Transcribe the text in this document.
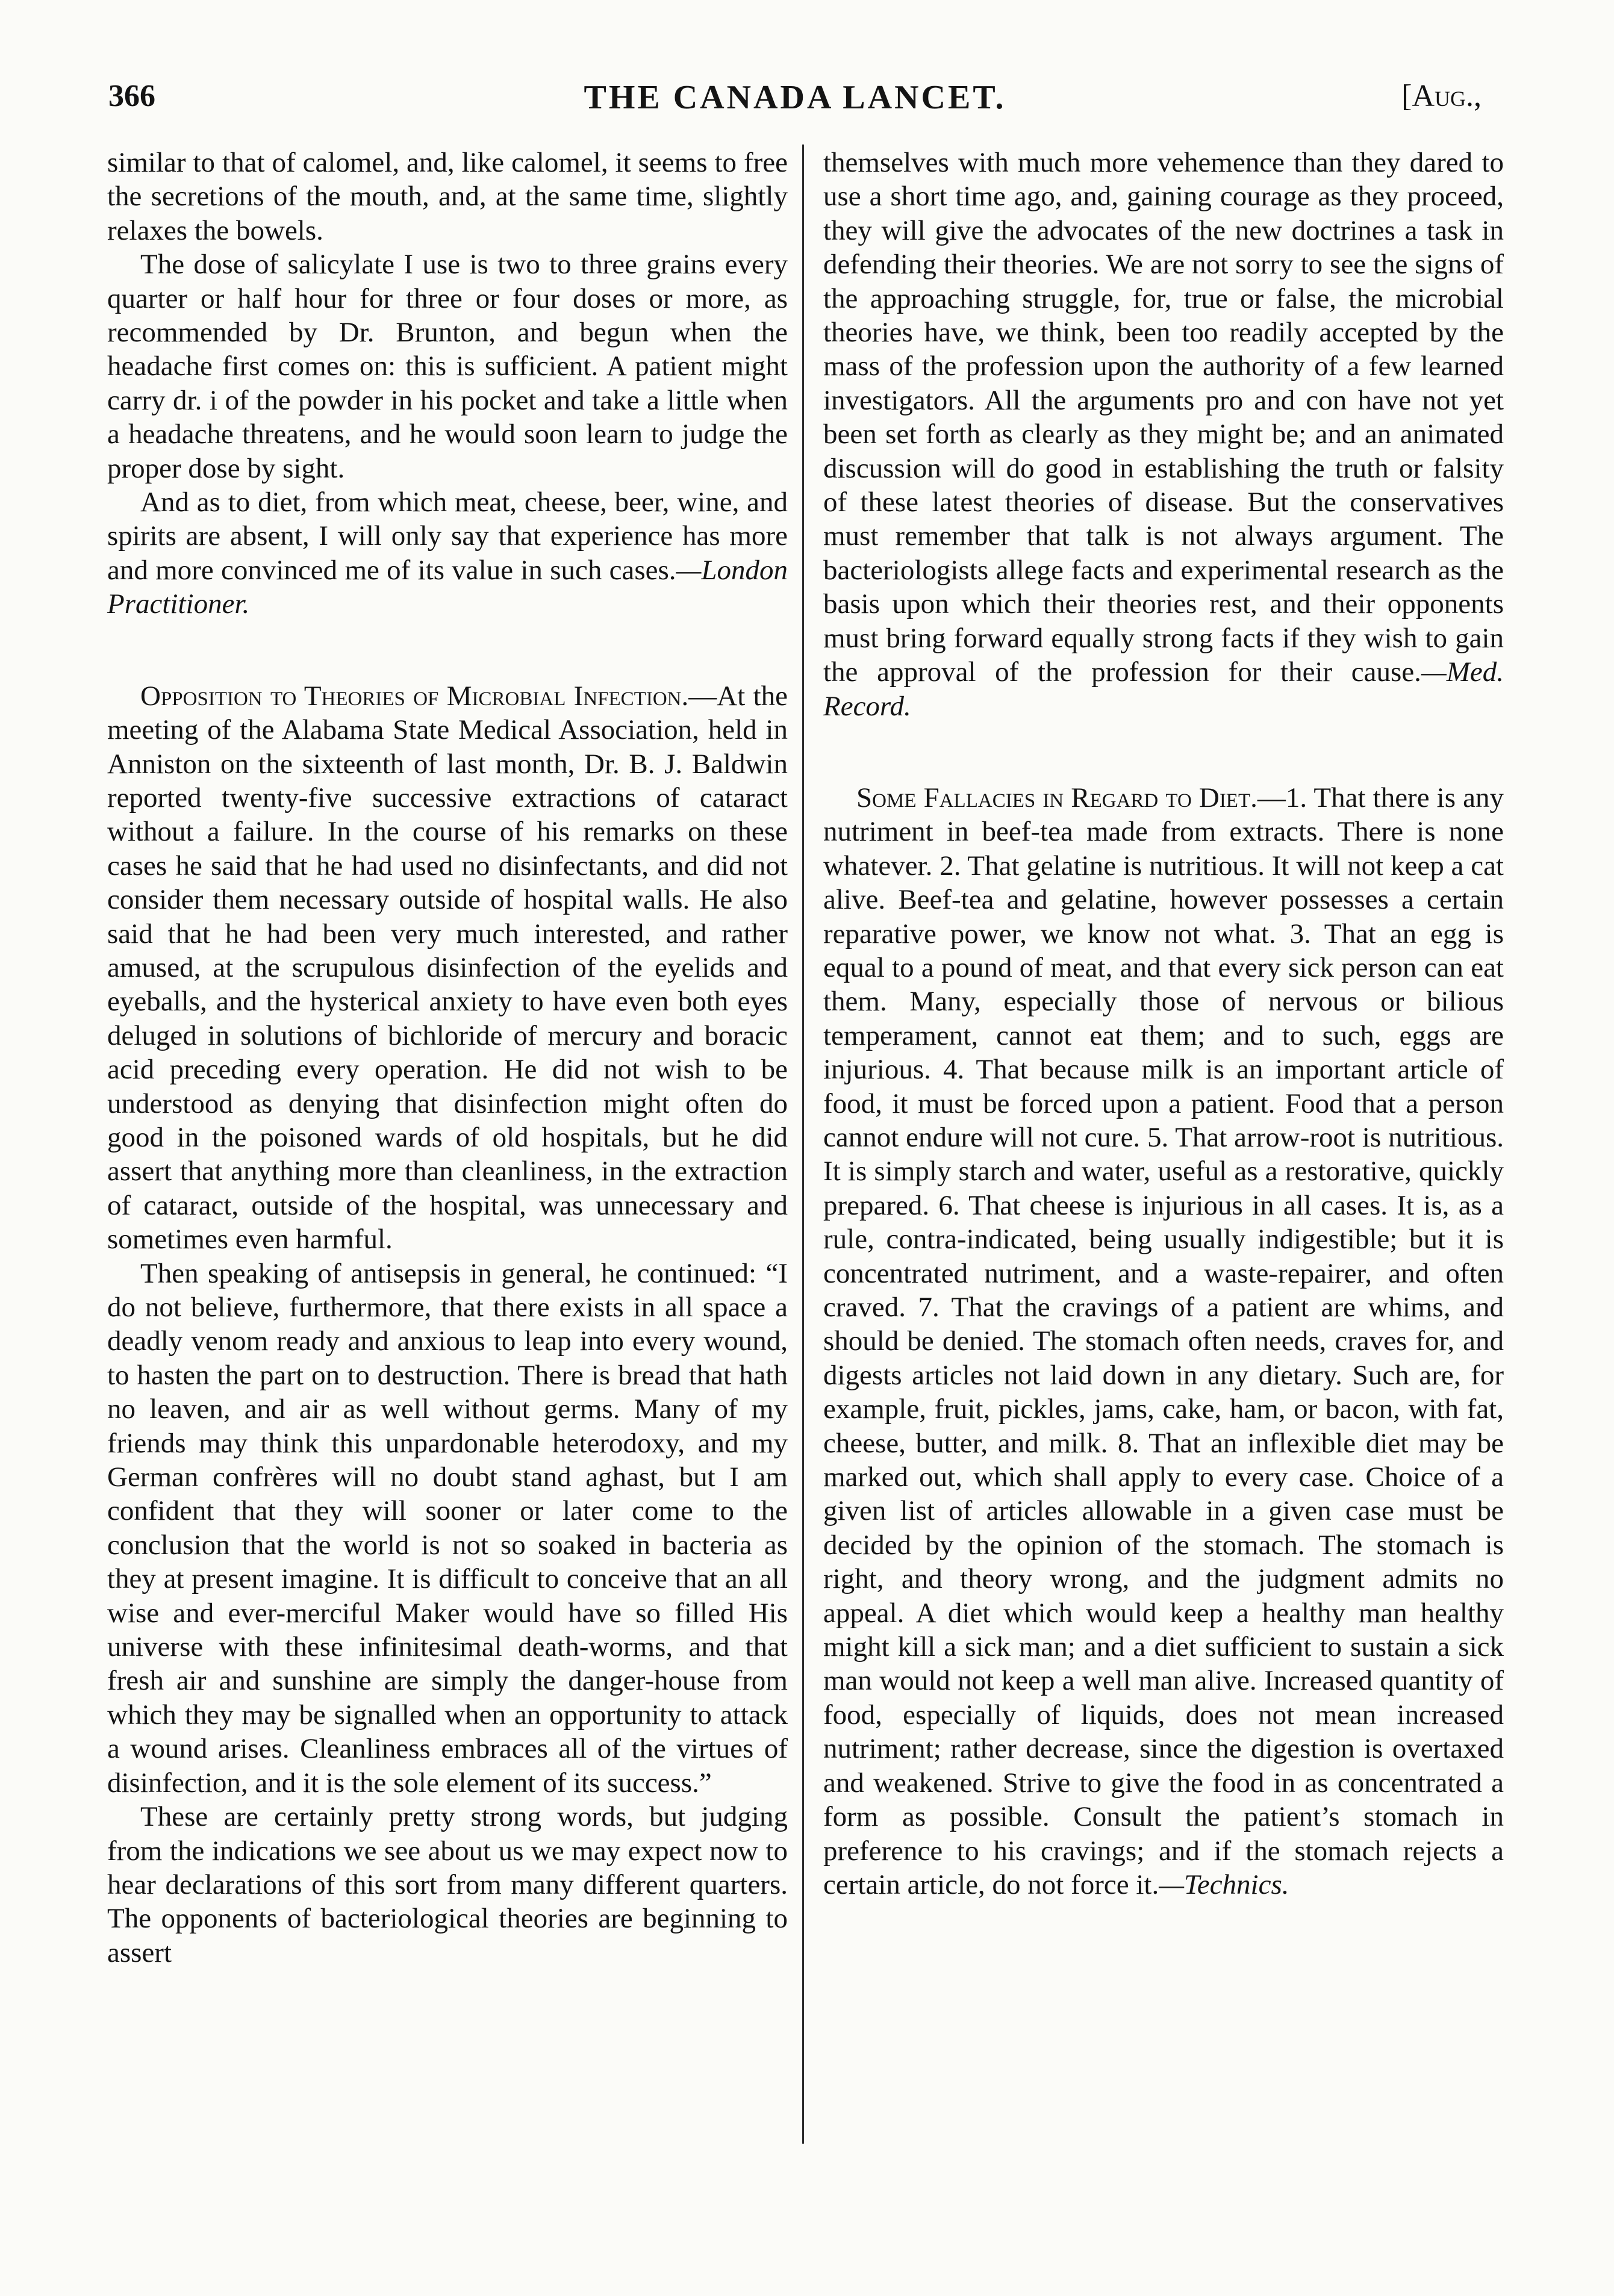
366	THE CANADA LANCET.	[Aug.,

similar to that of calomel, and, like calomel, it seems to free the secretions of the mouth, and, at the same time, slightly relaxes the bowels.

The dose of salicylate I use is two to three grains every quarter or half hour for three or four doses or more, as recommended by Dr. Brunton, and begun when the headache first comes on: this is sufficient. A patient might carry dr. i of the powder in his pocket and take a little when a headache threatens, and he would soon learn to judge the proper dose by sight.

And as to diet, from which meat, cheese, beer, wine, and spirits are absent, I will only say that experience has more and more convinced me of its value in such cases.—London Practitioner.

Opposition to Theories of Microbial Infection.—At the meeting of the Alabama State Medical Association, held in Anniston on the sixteenth of last month, Dr. B. J. Baldwin reported twenty-five successive extractions of cataract without a failure. In the course of his remarks on these cases he said that he had used no disinfectants, and did not consider them necessary outside of hospital walls. He also said that he had been very much interested, and rather amused, at the scrupulous disinfection of the eyelids and eyeballs, and the hysterical anxiety to have even both eyes deluged in solutions of bichloride of mercury and boracic acid preceding every operation. He did not wish to be understood as denying that disinfection might often do good in the poisoned wards of old hospitals, but he did assert that anything more than cleanliness, in the extraction of cataract, outside of the hospital, was unnecessary and sometimes even harmful.

Then speaking of antisepsis in general, he continued: “I do not believe, furthermore, that there exists in all space a deadly venom ready and anxious to leap into every wound, to hasten the part on to destruction. There is bread that hath no leaven, and air as well without germs. Many of my friends may think this unpardonable heterodoxy, and my German confrères will no doubt stand aghast, but I am confident that they will sooner or later come to the conclusion that the world is not so soaked in bacteria as they at present imagine. It is difficult to conceive that an all wise and ever-merciful Maker would have so filled His universe with these infinitesimal death-worms, and that fresh air and sunshine are simply the danger-house from which they may be signalled when an opportunity to attack a wound arises. Cleanliness embraces all of the virtues of disinfection, and it is the sole element of its success.”

These are certainly pretty strong words, but judging from the indications we see about us we may expect now to hear declarations of this sort from many different quarters. The opponents of bacteriological theories are beginning to assert

themselves with much more vehemence than they dared to use a short time ago, and, gaining courage as they proceed, they will give the advocates of the new doctrines a task in defending their theories. We are not sorry to see the signs of the approaching struggle, for, true or false, the microbial theories have, we think, been too readily accepted by the mass of the profession upon the authority of a few learned investigators. All the arguments pro and con have not yet been set forth as clearly as they might be; and an animated discussion will do good in establishing the truth or falsity of these latest theories of disease. But the conservatives must remember that talk is not always argument. The bacteriologists allege facts and experimental research as the basis upon which their theories rest, and their opponents must bring forward equally strong facts if they wish to gain the approval of the profession for their cause.—Med. Record.

Some Fallacies in Regard to Diet.—1. That there is any nutriment in beef-tea made from extracts. There is none whatever. 2. That gelatine is nutritious. It will not keep a cat alive. Beef-tea and gelatine, however possesses a certain reparative power, we know not what. 3. That an egg is equal to a pound of meat, and that every sick person can eat them. Many, especially those of nervous or bilious temperament, cannot eat them; and to such, eggs are injurious. 4. That because milk is an important article of food, it must be forced upon a patient. Food that a person cannot endure will not cure. 5. That arrow-root is nutritious. It is simply starch and water, useful as a restorative, quickly prepared. 6. That cheese is injurious in all cases. It is, as a rule, contra-indicated, being usually indigestible; but it is concentrated nutriment, and a waste-repairer, and often craved. 7. That the cravings of a patient are whims, and should be denied. The stomach often needs, craves for, and digests articles not laid down in any dietary. Such are, for example, fruit, pickles, jams, cake, ham, or bacon, with fat, cheese, butter, and milk. 8. That an inflexible diet may be marked out, which shall apply to every case. Choice of a given list of articles allowable in a given case must be decided by the opinion of the stomach. The stomach is right, and theory wrong, and the judgment admits no appeal. A diet which would keep a healthy man healthy might kill a sick man; and a diet sufficient to sustain a sick man would not keep a well man alive. Increased quantity of food, especially of liquids, does not mean increased nutriment; rather decrease, since the digestion is overtaxed and weakened. Strive to give the food in as concentrated a form as possible. Consult the patient’s stomach in preference to his cravings; and if the stomach rejects a certain article, do not force it.—Technics.
